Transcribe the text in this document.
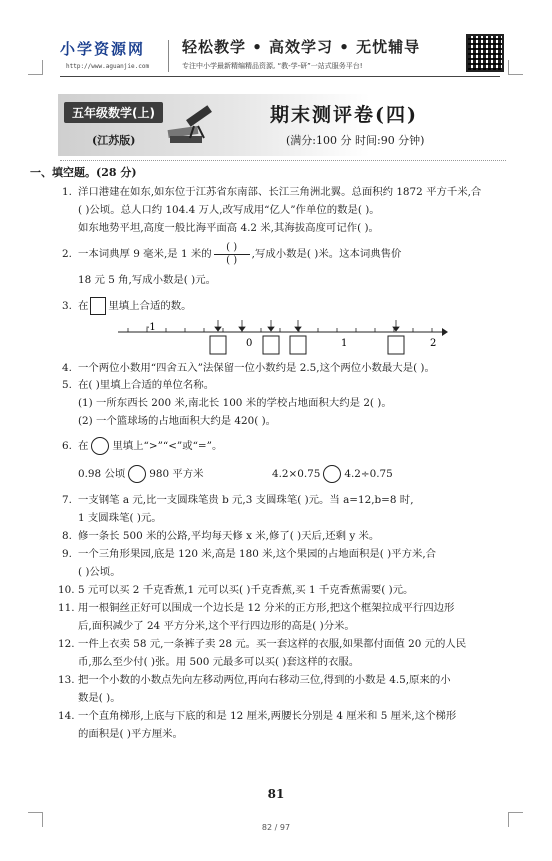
小学资源网
http://www.aguanjie.com
轻松教学 • 高效学习 • 无忧辅导
专注中小学最新精编精品资源, “教-学-研”一站式服务平台!
五年级数学(上)
(江苏版)
期末测评卷(四)
(满分:100 分 时间:90 分钟)
一、填空题。(28 分)
1. 洋口港建在如东,如东位于江苏省东南部、长江三角洲北翼。总面积约 1872 平方千米,合
( )公顷。总人口约 104.4 万人,改写成用“亿人”作单位的数是( )。
如东地势平坦,高度一般比海平面高 4.2 米,其海拔高度可记作( )。
2. 一本词典厚 9 毫米,是 1 米的 $\frac{( )}{( )}$ ,写成小数是( )米。这本词典售价
18 元 5 角,写成小数是( )元。
3. 在 里填上合适的数。
-1
0	1	2
4. 一个两位小数用“四舍五入”法保留一位小数约是 2.5,这个两位小数最大是( )。
5. 在( )里填上合适的单位名称。
(1) 一所东西长 200 米,南北长 100 米的学校占地面积大约是 2( )。
(2) 一个篮球场的占地面积大约是 420( )。
6. 在 里填上“>”“<”或“=”。
0.98 公顷 980 平方米	4.2×0.75 4.2÷0.75
7. 一支钢笔 a 元,比一支圆珠笔贵 b 元,3 支圆珠笔( )元。当 a=12,b=8 时,
1 支圆珠笔( )元。
8. 修一条长 500 米的公路,平均每天修 x 米,修了( )天后,还剩 y 米。
9. 一个三角形果园,底是 120 米,高是 180 米,这个果园的占地面积是( )平方米,合
( )公顷。
10. 5 元可以买 2 千克香蕉,1 元可以买( )千克香蕉,买 1 千克香蕉需要( )元。
11. 用一根铜丝正好可以围成一个边长是 12 分米的正方形,把这个框架拉成平行四边形
后,面积减少了 24 平方分米,这个平行四边形的高是( )分米。
12. 一件上衣卖 58 元,一条裤子卖 28 元。买一套这样的衣服,如果都付面值 20 元的人民
币,那么至少付( )张。用 500 元最多可以买( )套这样的衣服。
13. 把一个小数的小数点先向左移动两位,再向右移动三位,得到的小数是 4.5,原来的小
数是( )。
14. 一个直角梯形,上底与下底的和是 12 厘米,两腰长分别是 4 厘米和 5 厘米,这个梯形
的面积是( )平方厘米。
81
82 / 97
